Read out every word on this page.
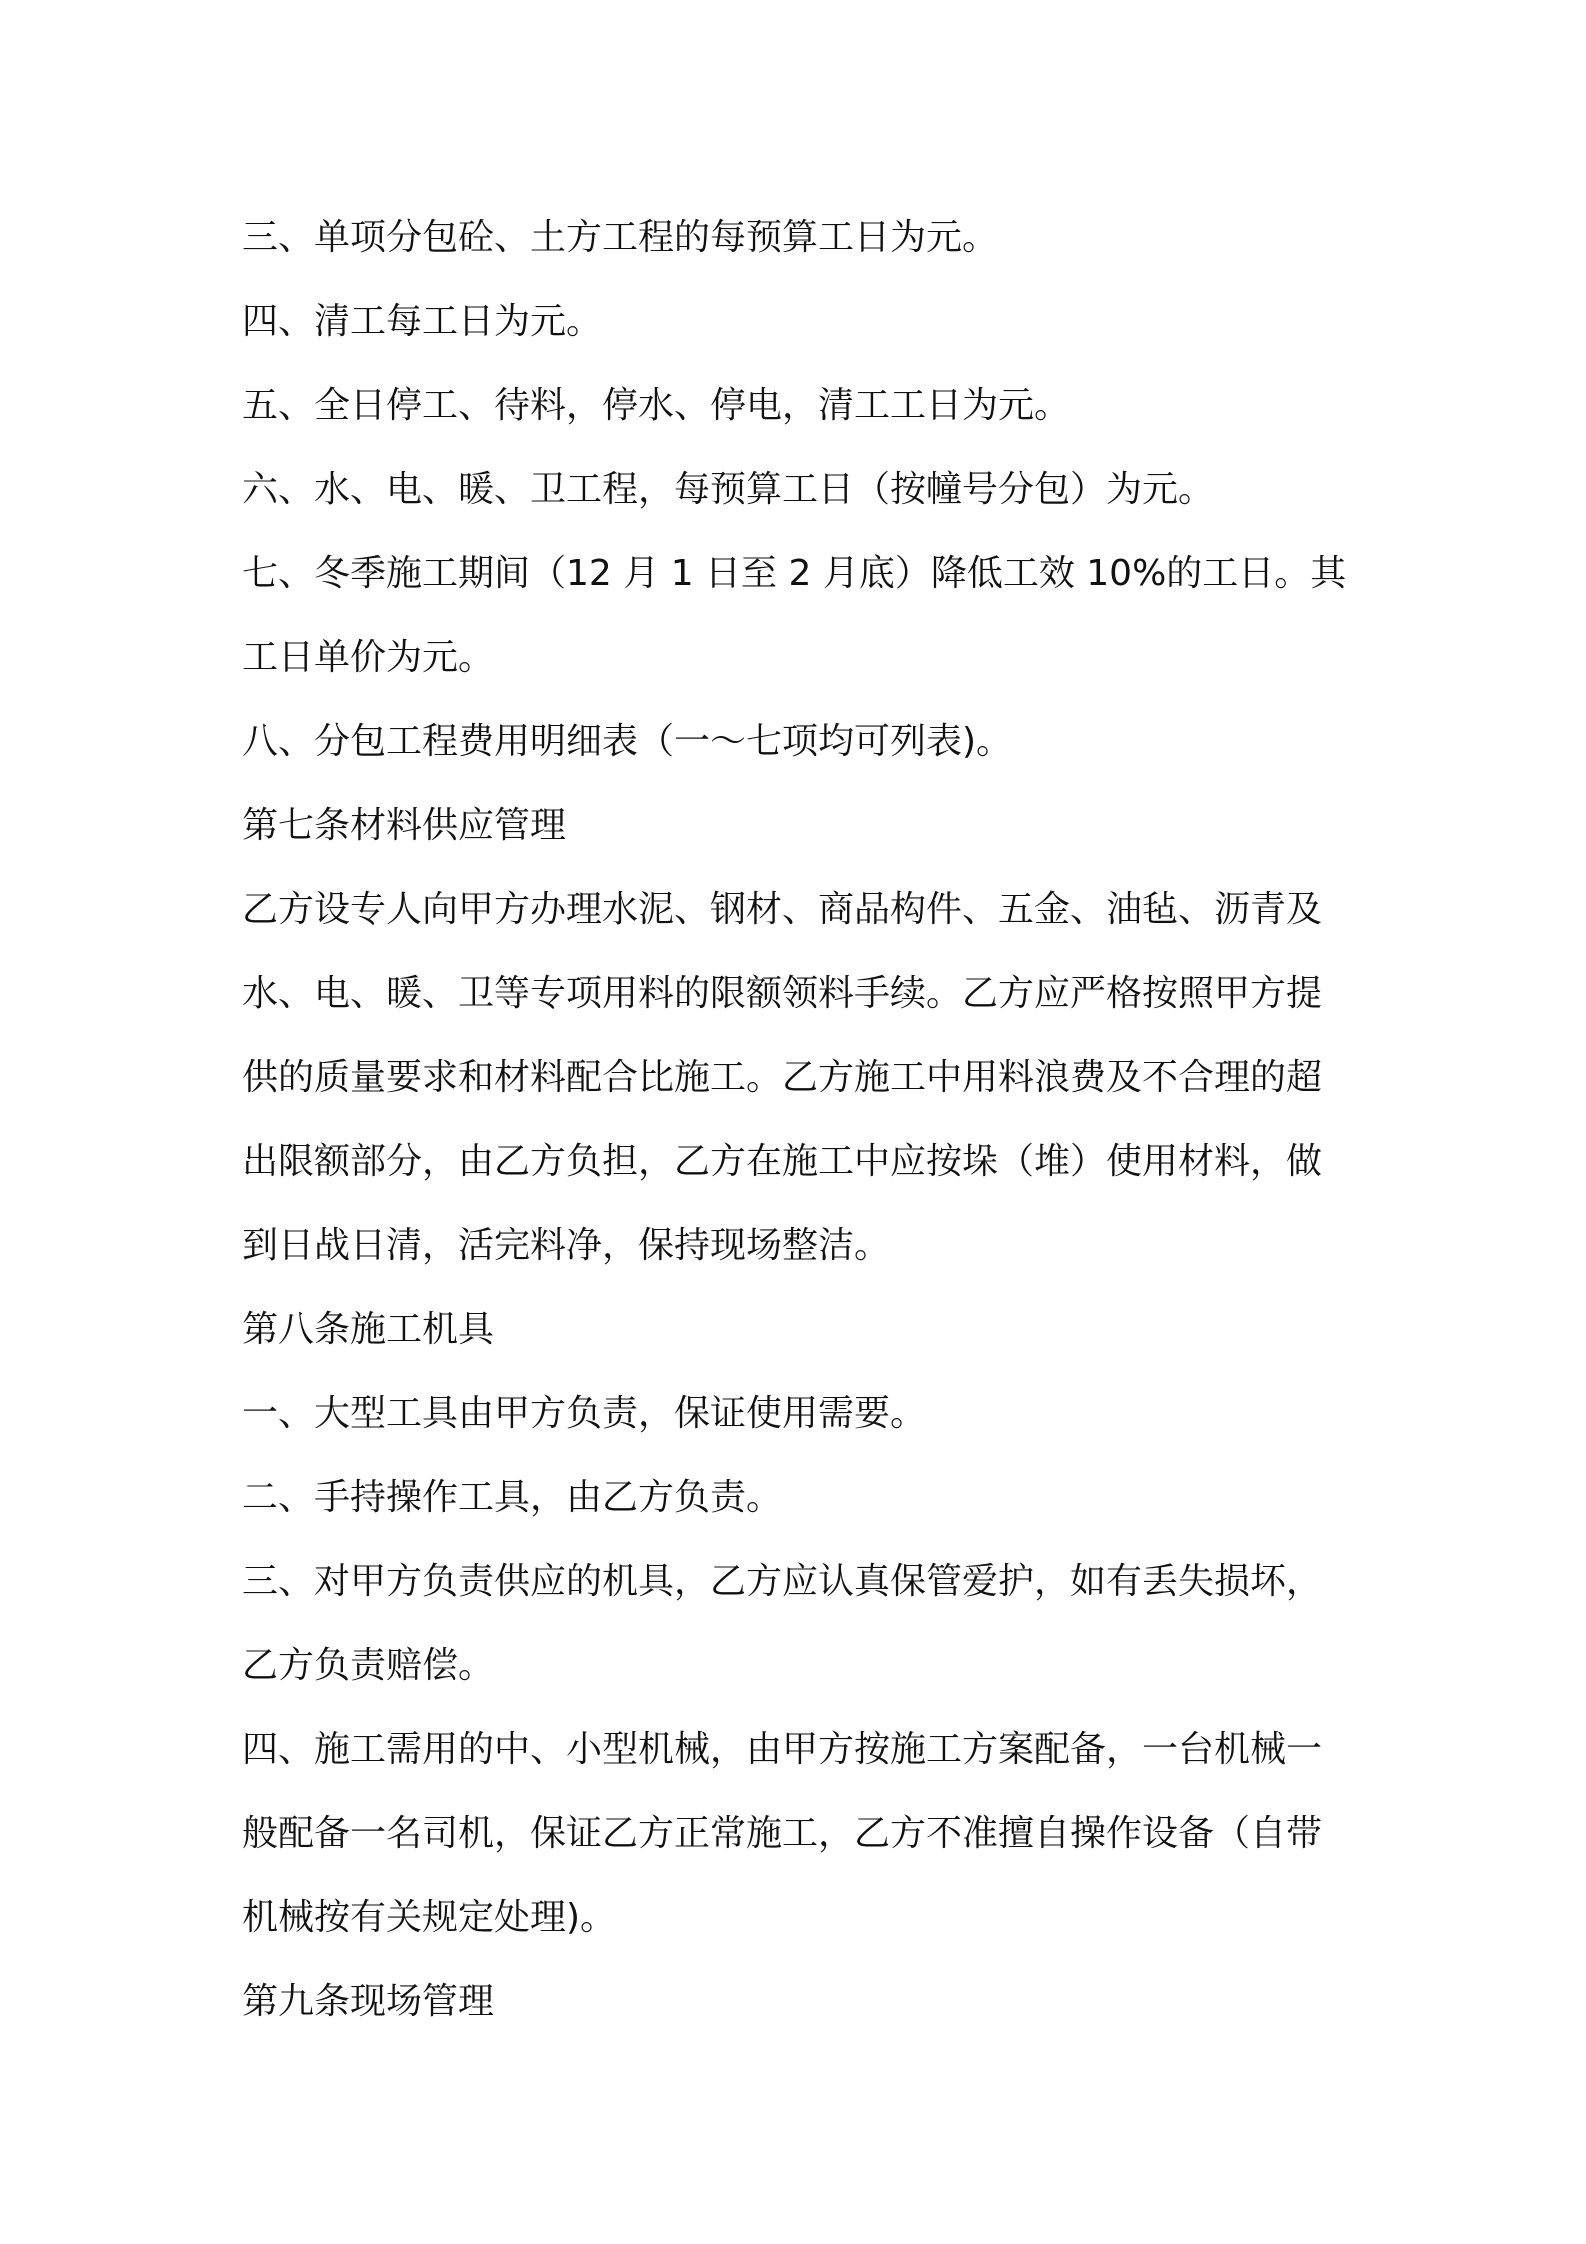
三、单项分包砼、土方工程的每预算工日为元。
四、清工每工日为元。
五、全日停工、待料，停水、停电，清工工日为元。
六、水、电、暖、卫工程，每预算工日（按幢号分包）为元。
七、冬季施工期间（12 月 1 日至 2 月底）降低工效 10%的工日。其
工日单价为元。
八、分包工程费用明细表（一～七项均可列表)。
第七条材料供应管理
乙方设专人向甲方办理水泥、钢材、商品构件、五金、油毡、沥青及
水、电、暖、卫等专项用料的限额领料手续。乙方应严格按照甲方提
供的质量要求和材料配合比施工。乙方施工中用料浪费及不合理的超
出限额部分，由乙方负担，乙方在施工中应按垛（堆）使用材料，做
到日战日清，活完料净，保持现场整洁。
第八条施工机具
一、大型工具由甲方负责，保证使用需要。
二、手持操作工具，由乙方负责。
三、对甲方负责供应的机具，乙方应认真保管爱护，如有丢失损坏，
乙方负责赔偿。
四、施工需用的中、小型机械，由甲方按施工方案配备，一台机械一
般配备一名司机，保证乙方正常施工，乙方不准擅自操作设备（自带
机械按有关规定处理)。
第九条现场管理
